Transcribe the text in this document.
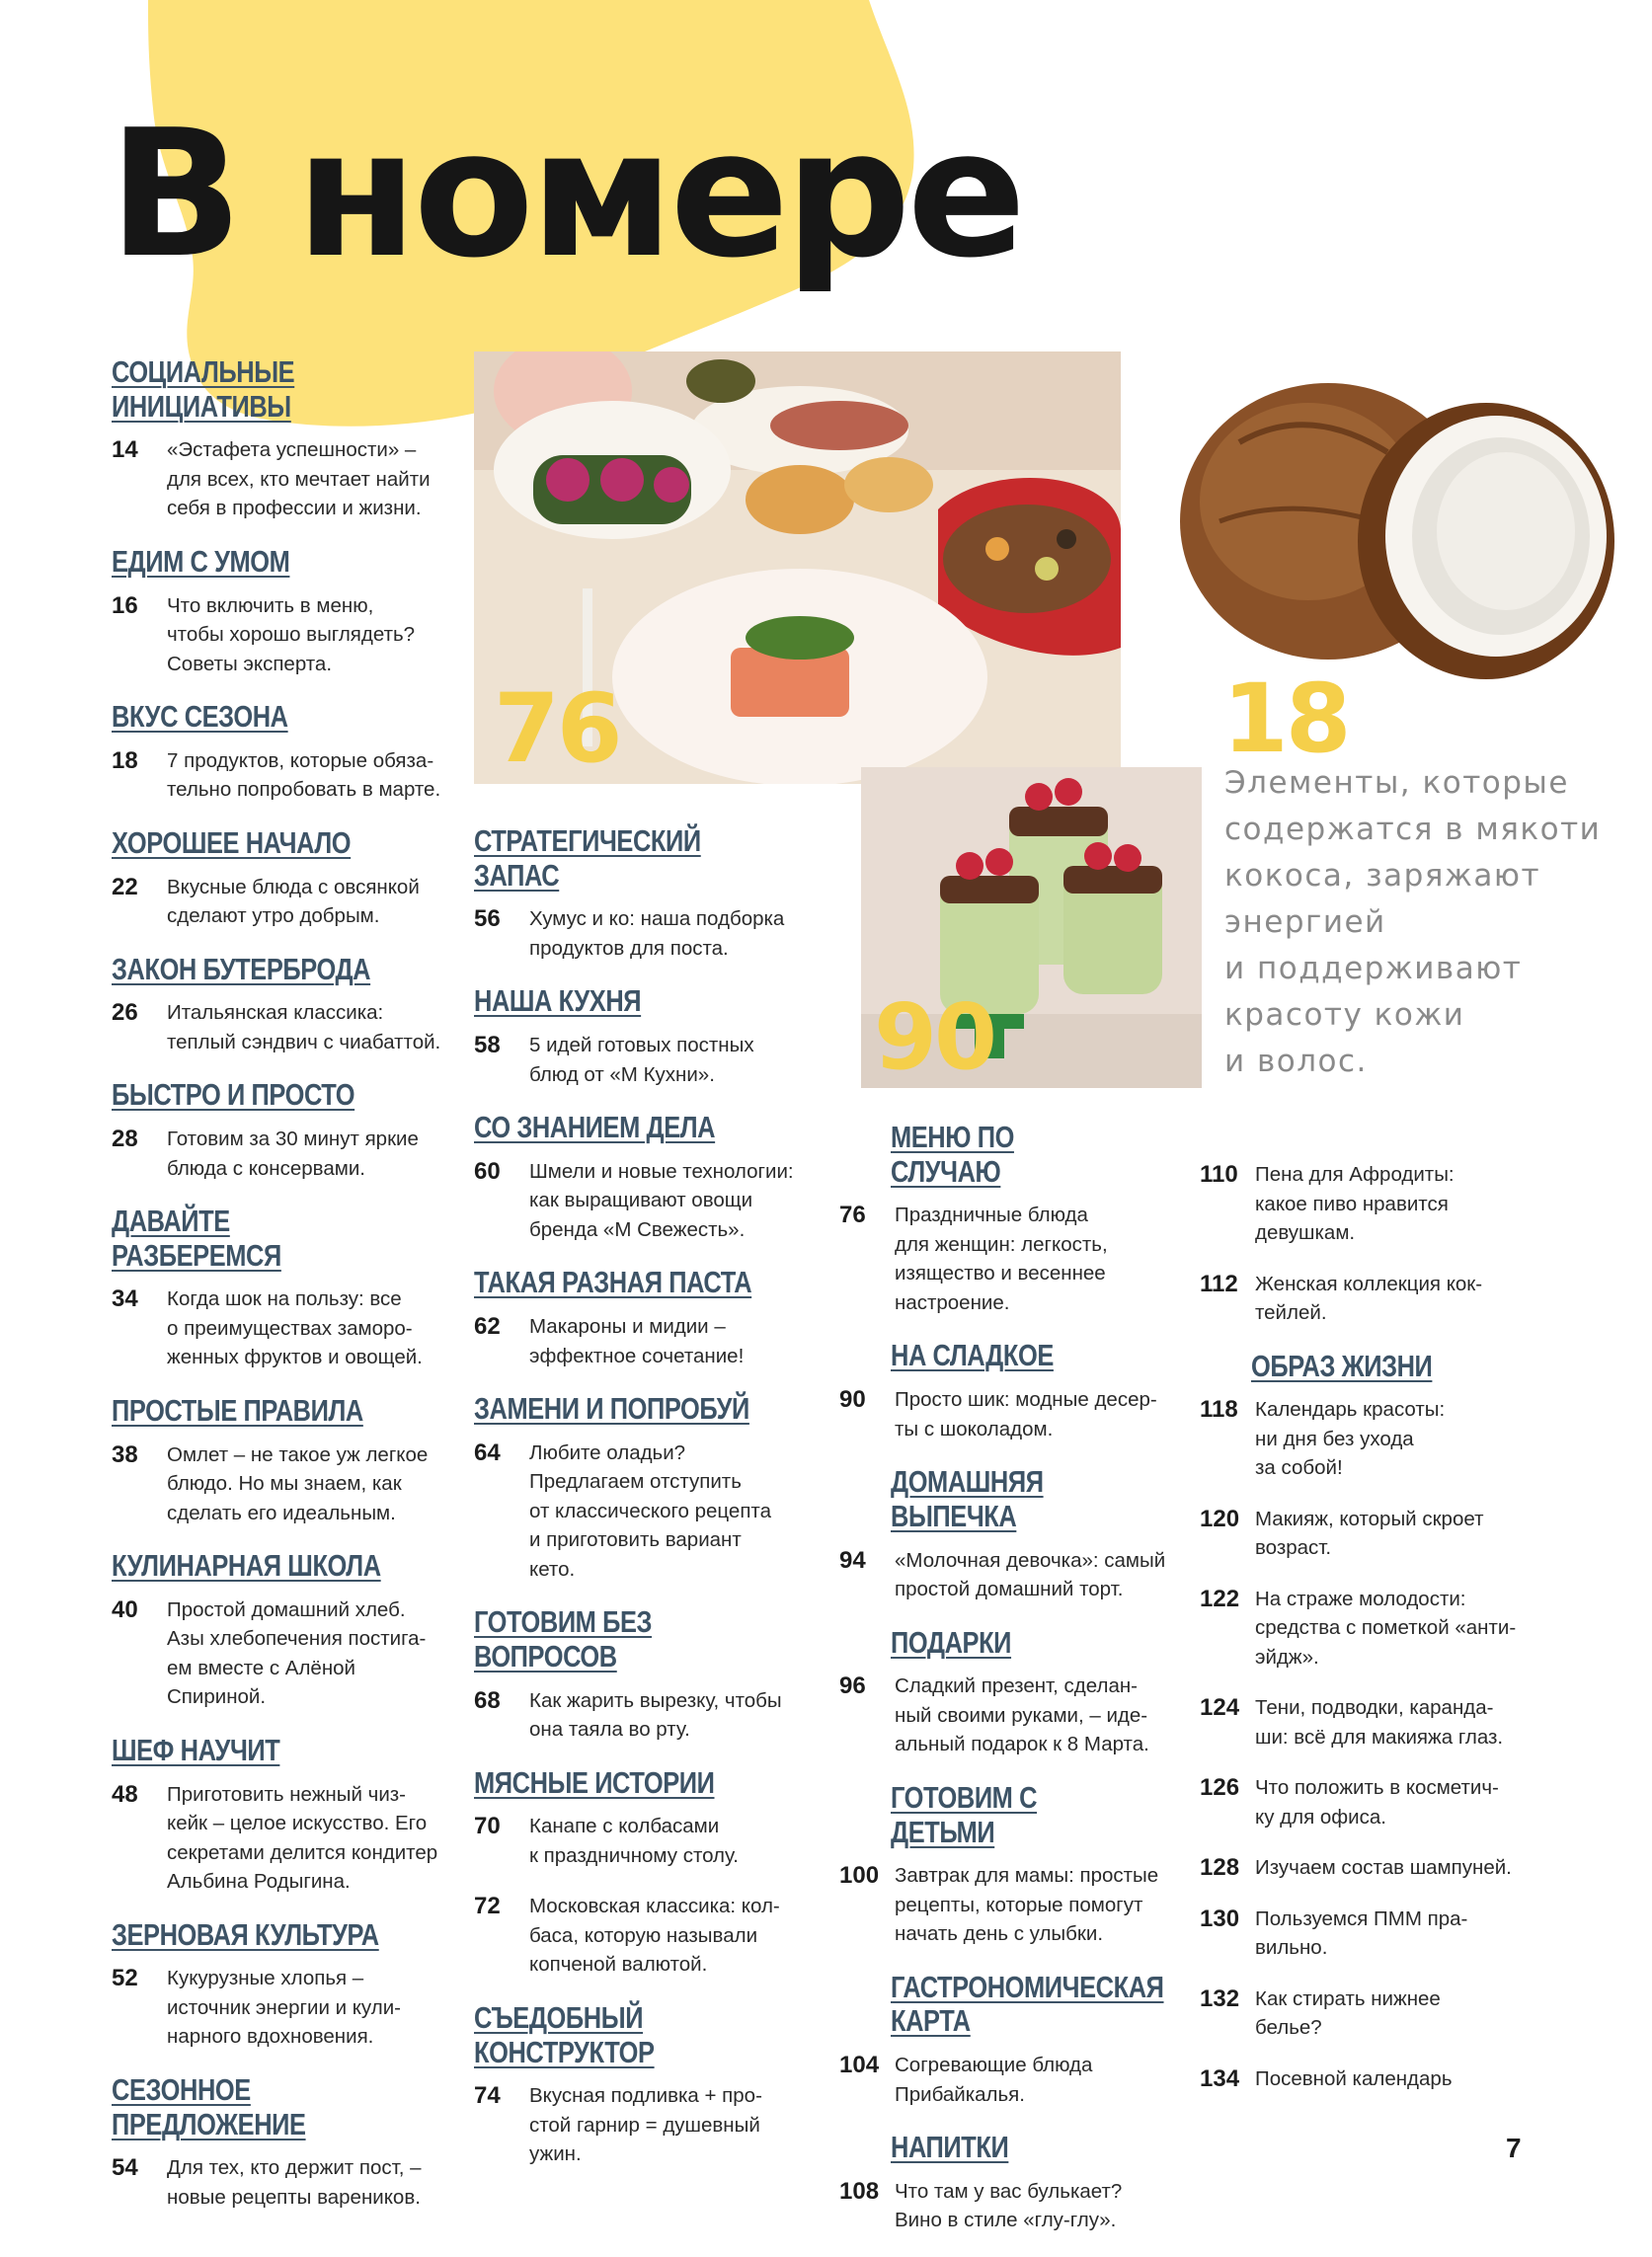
В номере
76	18

Элементы, которые
содержатся в мякоти
кокоса, заряжают
энергией
и поддерживают
красоту кожи
и волос.

90
СОЦИАЛЬНЫЕ
ИНИЦИАТИВЫ
14 «Эстафета успешности» –
для всех, кто мечтает найти
себя в профессии и жизни.
ЕДИМ С УМОМ
16 Что включить в меню,
чтобы хорошо выглядеть?
Советы эксперта.
ВКУС СЕЗОНА
18 7 продуктов, которые обяза-
тельно попробовать в марте.
ХОРОШЕЕ НАЧАЛО
22 Вкусные блюда с овсянкой
сделают утро добрым.
ЗАКОН БУТЕРБРОДА
26 Итальянская классика:
теплый сэндвич с чиабаттой.
БЫСТРО И ПРОСТО
28 Готовим за 30 минут яркие
блюда с консервами.
ДАВАЙТЕ РАЗБЕРЕМСЯ
34 Когда шок на пользу: все
о преимуществах заморо-
женных фруктов и овощей.
ПРОСТЫЕ ПРАВИЛА
38 Омлет – не такое уж легкое
блюдо. Но мы знаем, как
сделать его идеальным.
КУЛИНАРНАЯ ШКОЛА
40 Простой домашний хлеб.
Азы хлебопечения постига-
ем вместе с Алёной
Спириной.
ШЕФ НАУЧИТ
48 Приготовить нежный чиз-
кейк – целое искусство. Его
секретами делится кондитер
Альбина Родыгина.
ЗЕРНОВАЯ КУЛЬТУРА
52 Кукурузные хлопья –
источник энергии и кули-
нарного вдохновения.
СЕЗОННОЕ ПРЕДЛОЖЕНИЕ
54 Для тех, кто держит пост, –
новые рецепты вареников.
СТРАТЕГИЧЕСКИЙ
ЗАПАС
56 Хумус и ко: наша подборка
продуктов для поста.
НАША КУХНЯ
58 5 идей готовых постных
блюд от «М Кухни».
СО ЗНАНИЕМ ДЕЛА
60 Шмели и новые технологии:
как выращивают овощи
бренда «М Свежесть».
ТАКАЯ РАЗНАЯ ПАСТА
62 Макароны и мидии –
эффектное сочетание!
ЗАМЕНИ И ПОПРОБУЙ
64 Любите оладьи?
Предлагаем отступить
от классического рецепта
и приготовить вариант
кето.
ГОТОВИМ БЕЗ ВОПРОСОВ
68 Как жарить вырезку, чтобы
она таяла во рту.
МЯСНЫЕ ИСТОРИИ
70 Канапе с колбасами
к праздничному столу.
72 Московская классика: кол-
баса, которую называли
копченой валютой.
СЪЕДОБНЫЙ
КОНСТРУКТОР
74 Вкусная подливка + про-
стой гарнир = душевный
ужин.
МЕНЮ ПО СЛУЧАЮ
76 Праздничные блюда
для женщин: легкость,
изящество и весеннее
настроение.
НА СЛАДКОЕ
90 Просто шик: модные десер-
ты с шоколадом.
ДОМАШНЯЯ ВЫПЕЧКА
94 «Молочная девочка»: самый
простой домашний торт.
ПОДАРКИ
96 Сладкий презент, сделан-
ный своими руками, – иде-
альный подарок к 8 Марта.
ГОТОВИМ С ДЕТЬМИ
100 Завтрак для мамы: простые
рецепты, которые помогут
начать день с улыбки.
ГАСТРОНОМИЧЕСКАЯ
КАРТА
104 Согревающие блюда
Прибайкалья.
НАПИТКИ
108 Что там у вас булькает?
Вино в стиле «глу-глу».
110 Пена для Афродиты:
какое пиво нравится
девушкам.
112 Женская коллекция кок-
тейлей.
ОБРАЗ ЖИЗНИ
118 Календарь красоты:
ни дня без ухода
за собой!
120 Макияж, который скроет
возраст.
122 На страже молодости:
средства с пометкой «анти-
эйдж».
124 Тени, подводки, каранда-
ши: всё для макияжа глаз.
126 Что положить в косметич-
ку для офиса.
128 Изучаем состав шампуней.
130 Пользуемся ПММ пра-
вильно.
132 Как стирать нижнее
белье?
134 Посевной календарь
7
